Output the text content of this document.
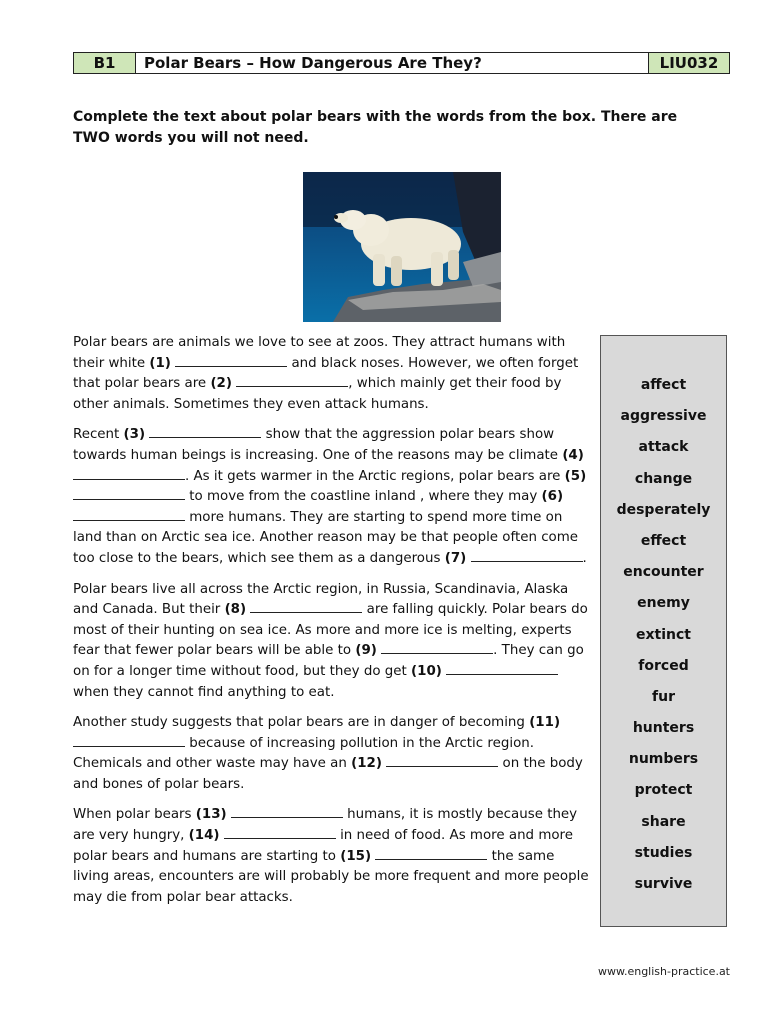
B1	Polar Bears – How Dangerous Are They?	LIU032
Complete the text about polar bears with the words from the box. There are TWO words you will not need.

Polar bears are animals we love to see at zoos. They attract humans with their white (1)	and black noses. However, we often forget that polar bears are (2)	, which mainly get their food by other animals. Sometimes they even attack humans.

Recent (3)	show that the aggression polar bears show towards human beings is increasing. One of the reasons may be climate (4) . As it gets warmer in the Arctic regions, polar bears are (5)  to move from the coastline inland , where they may (6)  more humans. They are starting to spend more time on land than on Arctic sea ice. Another reason may be that people often come too close to the bears, which see them as a dangerous (7)	.

Polar bears live all across the Arctic region, in Russia, Scandinavia, Alaska and Canada. But their (8)	are falling quickly. Polar bears do most of their hunting on sea ice. As more and more ice is melting, experts fear that fewer polar bears will be able to (9)	. They can go on for a longer time without food, but they do get (10)  when they cannot find anything to eat.

Another study suggests that polar bears are in danger of becoming (11)  because of increasing pollution in the Arctic region. Chemicals and other waste may have an (12)	on the body and bones of polar bears.

When polar bears (13)	humans, it is mostly because they are very hungry, (14)	in need of food. As more and more polar bears and humans are starting to (15)	the same living areas, encounters are will probably be more frequent and more people may die from polar bear attacks.

affect
aggressive
attack
change
desperately
effect
encounter
enemy
extinct
forced
fur
hunters
numbers
protect
share
studies
survive
www.english-practice.at
